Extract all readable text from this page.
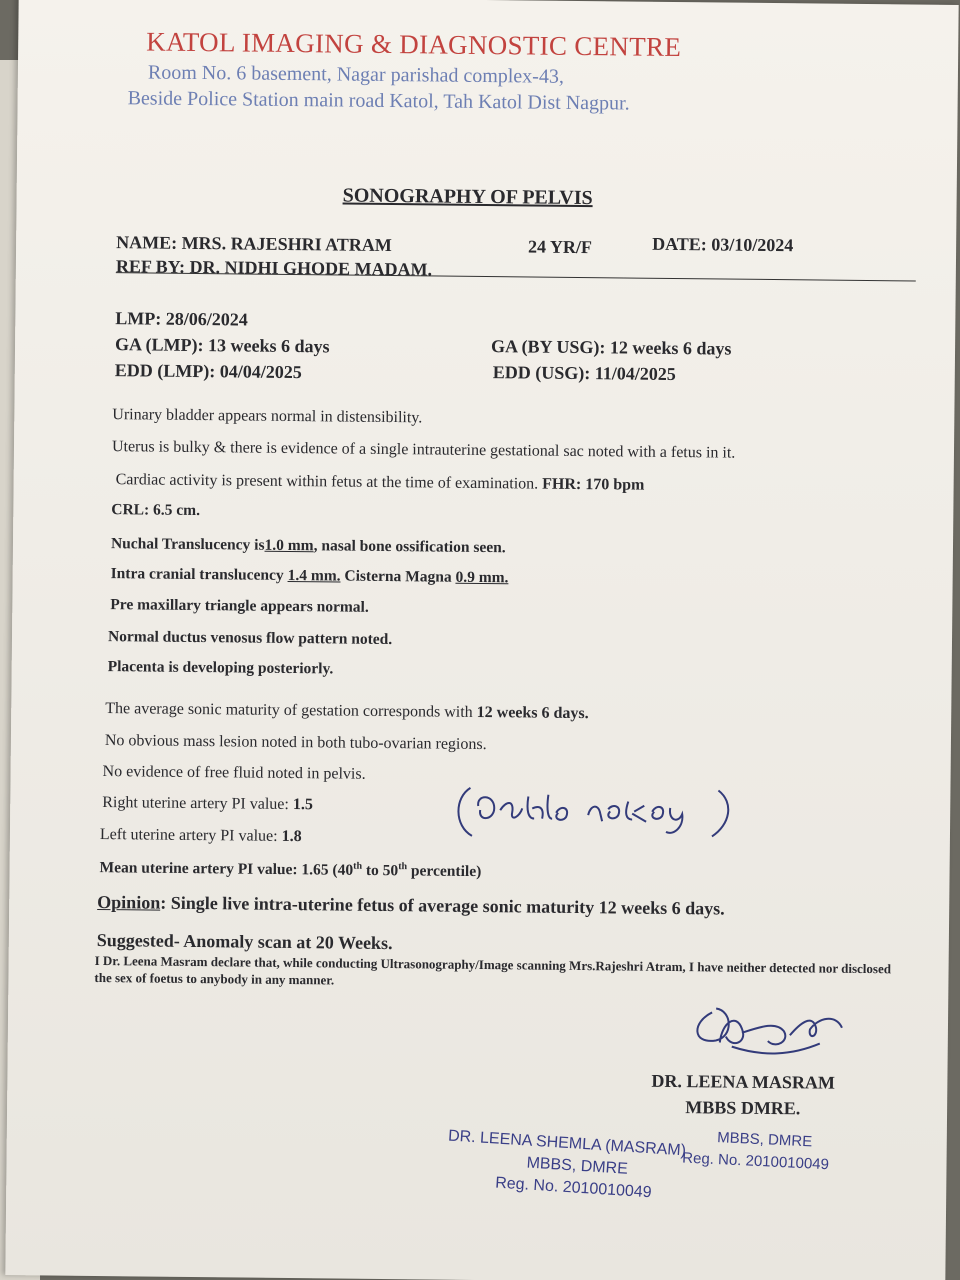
KATOL IMAGING & DIAGNOSTIC CENTRE
Room No. 6 basement, Nagar parishad complex-43,
Beside Police Station main road Katol, Tah Katol Dist Nagpur.
SONOGRAPHY OF PELVIS
NAME: MRS. RAJESHRI ATRAM	24 YR/F	DATE: 03/10/2024
REF BY: DR. NIDHI GHODE MADAM.
LMP: 28/06/2024
GA (LMP): 13 weeks 6 days
EDD (LMP): 04/04/2025
GA (BY USG): 12 weeks 6 days
EDD (USG): 11/04/2025
Urinary bladder appears normal in distensibility.
Uterus is bulky & there is evidence of a single intrauterine gestational sac noted with a fetus in it.
Cardiac activity is present within fetus at the time of examination. FHR: 170 bpm
CRL: 6.5 cm.
Nuchal Translucency is1.0 mm, nasal bone ossification seen.
Intra cranial translucency 1.4 mm. Cisterna Magna 0.9 mm.
Pre maxillary triangle appears normal.
Normal ductus venosus flow pattern noted.
Placenta is developing posteriorly.
The average sonic maturity of gestation corresponds with 12 weeks 6 days.
No obvious mass lesion noted in both tubo-ovarian regions.
No evidence of free fluid noted in pelvis.
Right uterine artery PI value: 1.5
Left uterine artery PI value: 1.8
Mean uterine artery PI value: 1.65 (40th to 50th percentile)
Opinion: Single live intra-uterine fetus of average sonic maturity 12 weeks 6 days.
Suggested- Anomaly scan at 20 Weeks.
I Dr. Leena Masram declare that, while conducting Ultrasonography/Image scanning Mrs.Rajeshri Atram, I have neither detected nor disclosed the sex of foetus to anybody in any manner.
DR. LEENA MASRAM
MBBS DMRE.
MBBS, DMRE
Reg. No. 2010010049
DR. LEENA SHEMLA (MASRAM)
MBBS, DMRE
Reg. No. 2010010049
